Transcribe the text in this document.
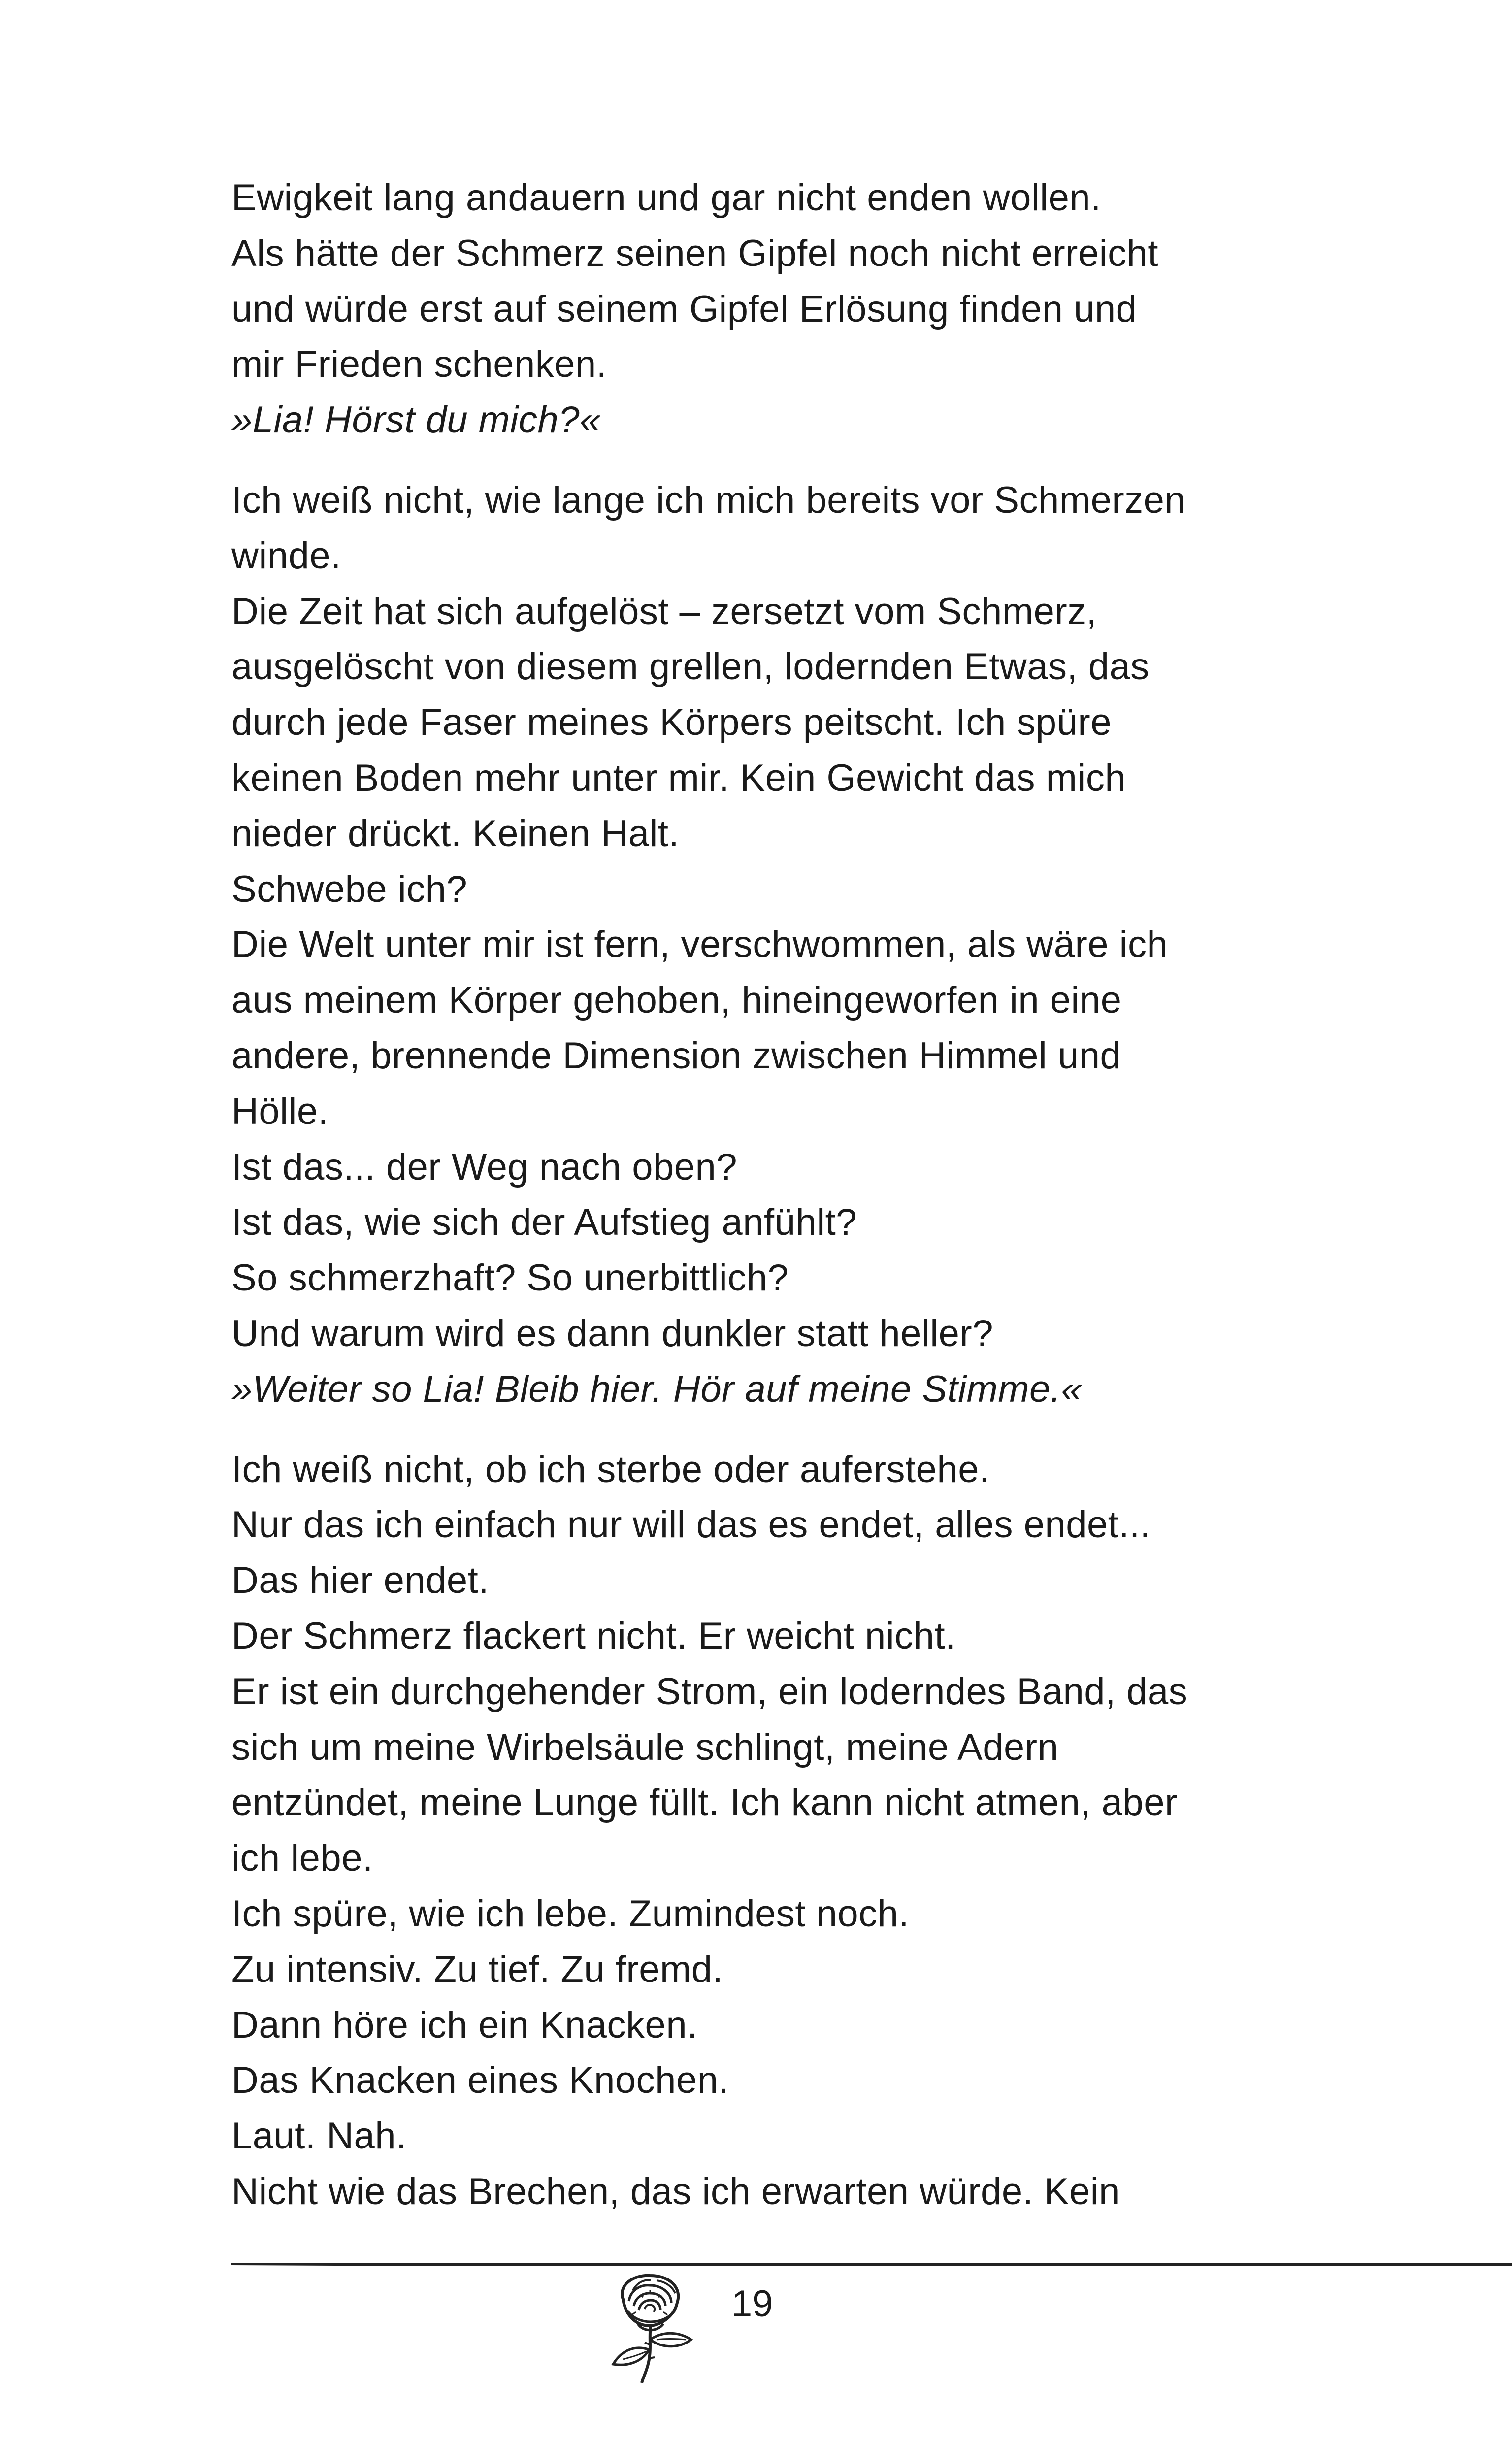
Ewigkeit lang andauern und gar nicht enden wollen.
Als hätte der Schmerz seinen Gipfel noch nicht erreicht
und würde erst auf seinem Gipfel Erlösung finden und
mir Frieden schenken.
»Lia! Hörst du mich?«
Ich weiß nicht, wie lange ich mich bereits vor Schmerzen
winde.
Die Zeit hat sich aufgelöst – zersetzt vom Schmerz,
ausgelöscht von diesem grellen, lodernden Etwas, das
durch jede Faser meines Körpers peitscht. Ich spüre
keinen Boden mehr unter mir. Kein Gewicht das mich
nieder drückt. Keinen Halt.
Schwebe ich?
Die Welt unter mir ist fern, verschwommen, als wäre ich
aus meinem Körper gehoben, hineingeworfen in eine
andere, brennende Dimension zwischen Himmel und
Hölle.
Ist das... der Weg nach oben?
Ist das, wie sich der Aufstieg anfühlt?
So schmerzhaft? So unerbittlich?
Und warum wird es dann dunkler statt heller?
»Weiter so Lia! Bleib hier. Hör auf meine Stimme.«
Ich weiß nicht, ob ich sterbe oder auferstehe.
Nur das ich einfach nur will das es endet, alles endet...
Das hier endet.
Der Schmerz flackert nicht. Er weicht nicht.
Er ist ein durchgehender Strom, ein loderndes Band, das
sich um meine Wirbelsäule schlingt, meine Adern
entzündet, meine Lunge füllt. Ich kann nicht atmen, aber
ich lebe.
Ich spüre, wie ich lebe. Zumindest noch.
Zu intensiv. Zu tief. Zu fremd.
Dann höre ich ein Knacken.
Das Knacken eines Knochen.
Laut. Nah.
Nicht wie das Brechen, das ich erwarten würde. Kein
19
